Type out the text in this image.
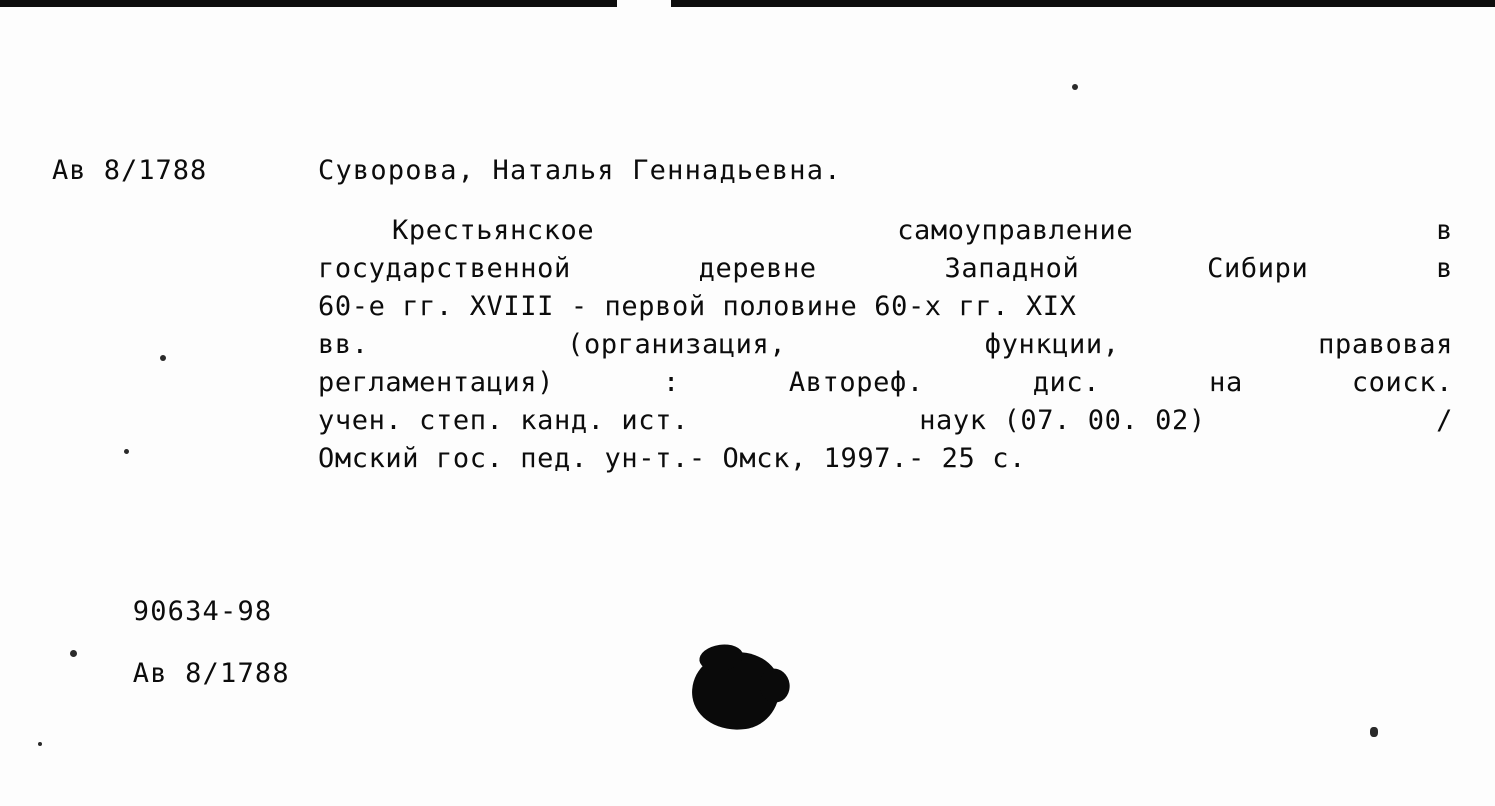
Ав 8/1788	Суворова, Наталья Геннадьевна.
Крестьянское	самоуправление	в
государственной	деревне	Западной	Сибири	в
60-е гг. XVIII - первой половине 60-х гг. XIX
вв.	(организация,	функции,	правовая
регламентация)	:	Автореф.	дис.	на	соиск.
учен. степ. канд. ист.	наук (07. 00. 02)	/
Омский гос. пед. ун-т.- Омск, 1997.- 25 с.

90634-98

Ав 8/1788
